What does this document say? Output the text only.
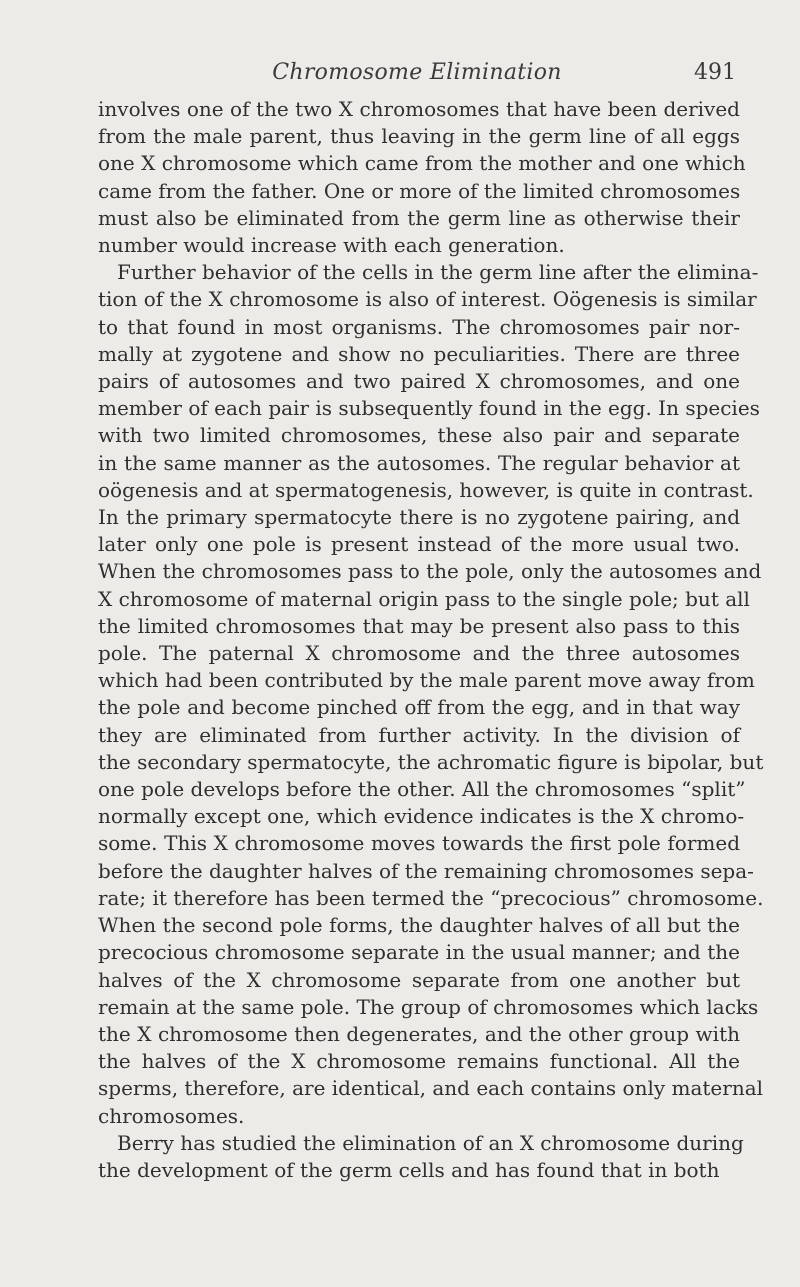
Chromosome Elimination	491
involves one of the two X chromosomes that have been derived
from the male parent, thus leaving in the germ line of all eggs
one X chromosome which came from the mother and one which
came from the father. One or more of the limited chromosomes
must also be eliminated from the germ line as otherwise their
number would increase with each generation.
Further behavior of the cells in the germ line after the elimina-
tion of the X chromosome is also of interest. Oögenesis is similar
to that found in most organisms. The chromosomes pair nor-
mally at zygotene and show no peculiarities. There are three
pairs of autosomes and two paired X chromosomes, and one
member of each pair is subsequently found in the egg. In species
with two limited chromosomes, these also pair and separate
in the same manner as the autosomes. The regular behavior at
oögenesis and at spermatogenesis, however, is quite in contrast.
In the primary spermatocyte there is no zygotene pairing, and
later only one pole is present instead of the more usual two.
When the chromosomes pass to the pole, only the autosomes and
X chromosome of maternal origin pass to the single pole; but all
the limited chromosomes that may be present also pass to this
pole. The paternal X chromosome and the three autosomes
which had been contributed by the male parent move away from
the pole and become pinched off from the egg, and in that way
they are eliminated from further activity. In the division of
the secondary spermatocyte, the achromatic figure is bipolar, but
one pole develops before the other. All the chromosomes “split”
normally except one, which evidence indicates is the X chromo-
some. This X chromosome moves towards the first pole formed
before the daughter halves of the remaining chromosomes sepa-
rate; it therefore has been termed the “precocious” chromosome.
When the second pole forms, the daughter halves of all but the
precocious chromosome separate in the usual manner; and the
halves of the X chromosome separate from one another but
remain at the same pole. The group of chromosomes which lacks
the X chromosome then degenerates, and the other group with
the halves of the X chromosome remains functional. All the
sperms, therefore, are identical, and each contains only maternal
chromosomes.
Berry has studied the elimination of an X chromosome during
the development of the germ cells and has found that in both
